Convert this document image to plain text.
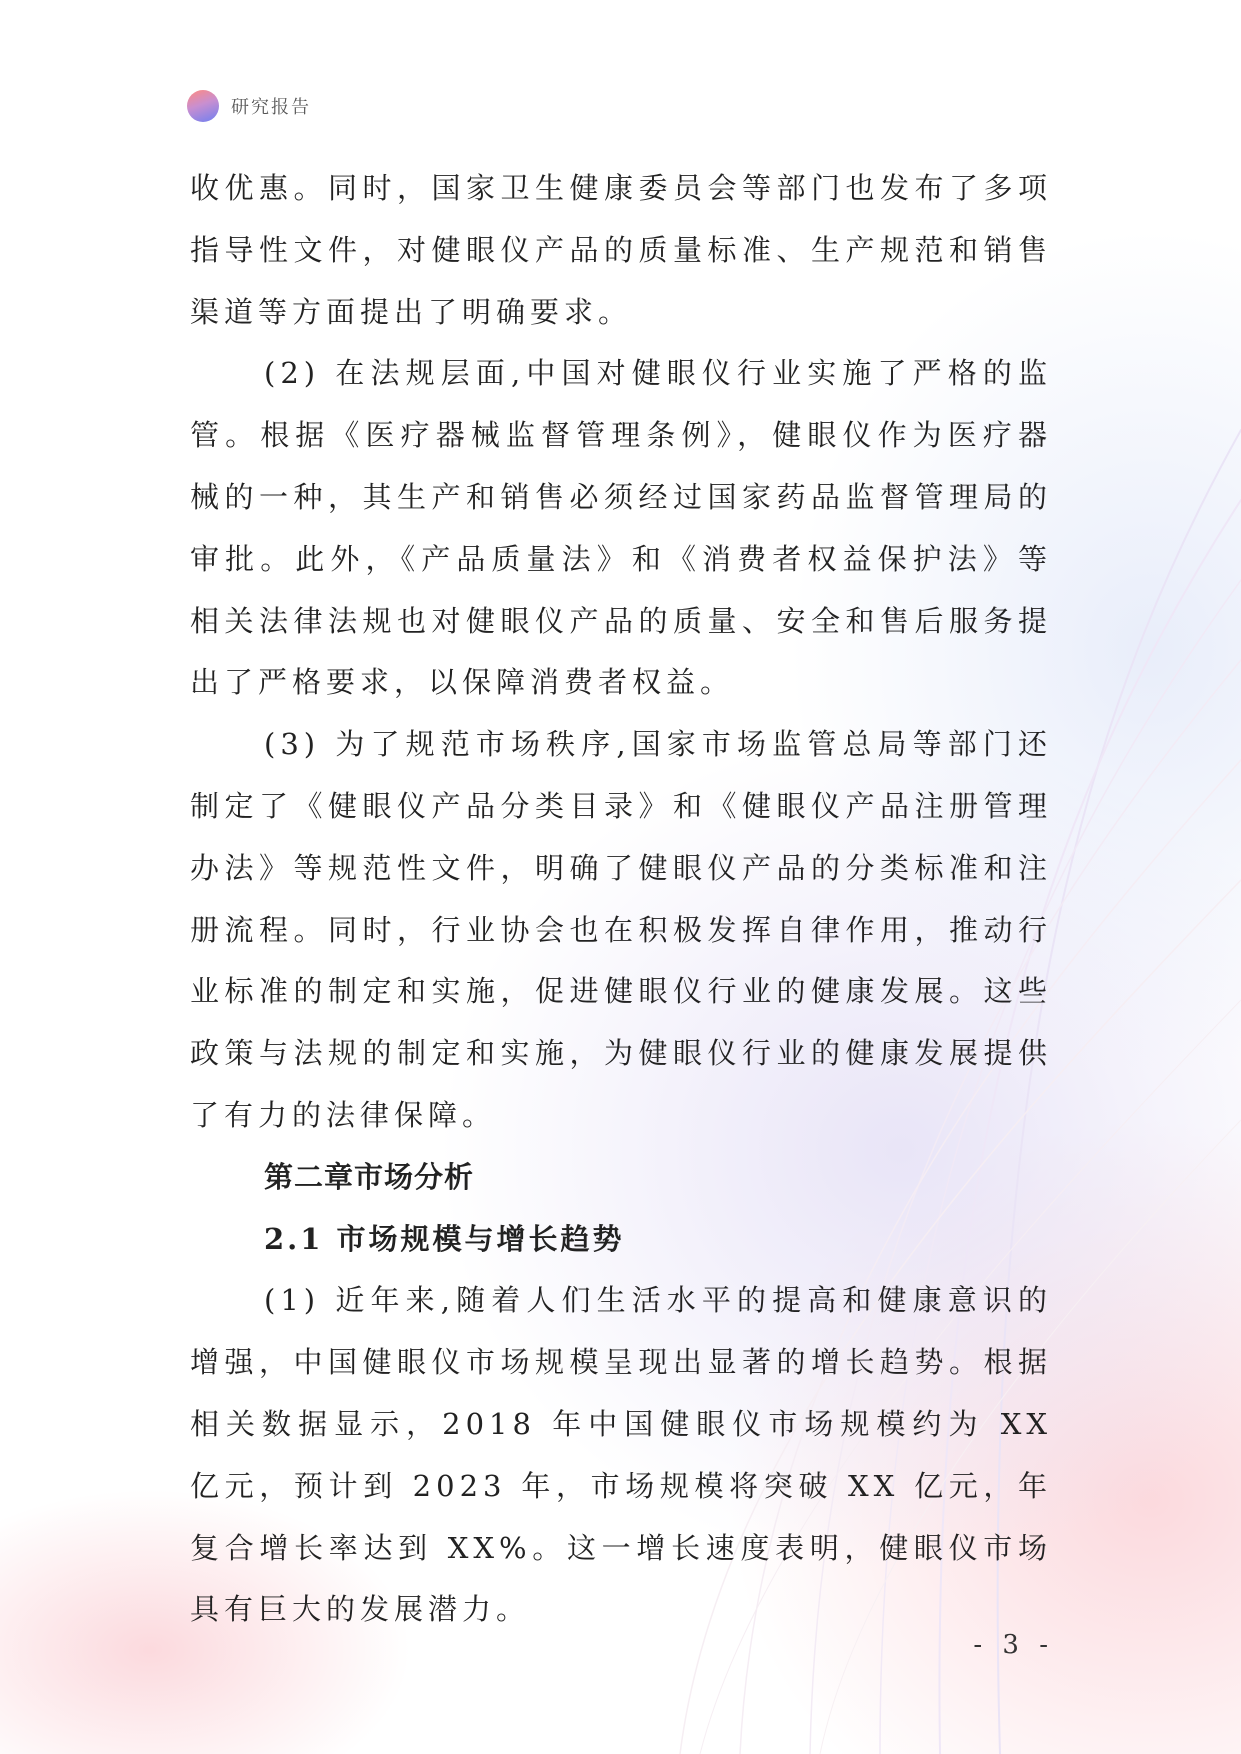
研究报告

收优惠。同时，国家卫生健康委员会等部门也发布了多项指导性文件，对健眼仪产品的质量标准、生产规范和销售渠道等方面提出了明确要求。

(2) 在法规层面,中国对健眼仪行业实施了严格的监管。根据《医疗器械监督管理条例》，健眼仪作为医疗器械的一种，其生产和销售必须经过国家药品监督管理局的审批。此外，《产品质量法》和《消费者权益保护法》等相关法律法规也对健眼仪产品的质量、安全和售后服务提出了严格要求，以保障消费者权益。

(3) 为了规范市场秩序,国家市场监管总局等部门还制定了《健眼仪产品分类目录》和《健眼仪产品注册管理办法》等规范性文件，明确了健眼仪产品的分类标准和注册流程。同时，行业协会也在积极发挥自律作用，推动行业标准的制定和实施，促进健眼仪行业的健康发展。这些政策与法规的制定和实施，为健眼仪行业的健康发展提供了有力的法律保障。

第二章市场分析
2.1 市场规模与增长趋势

(1) 近年来,随着人们生活水平的提高和健康意识的增强，中国健眼仪市场规模呈现出显著的增长趋势。根据相关数据显示，2018 年中国健眼仪市场规模约为 XX 亿元，预计到 2023 年，市场规模将突破 XX 亿元，年复合增长率达到 XX%。这一增长速度表明，健眼仪市场具有巨大的发展潜力。

- 3 -
